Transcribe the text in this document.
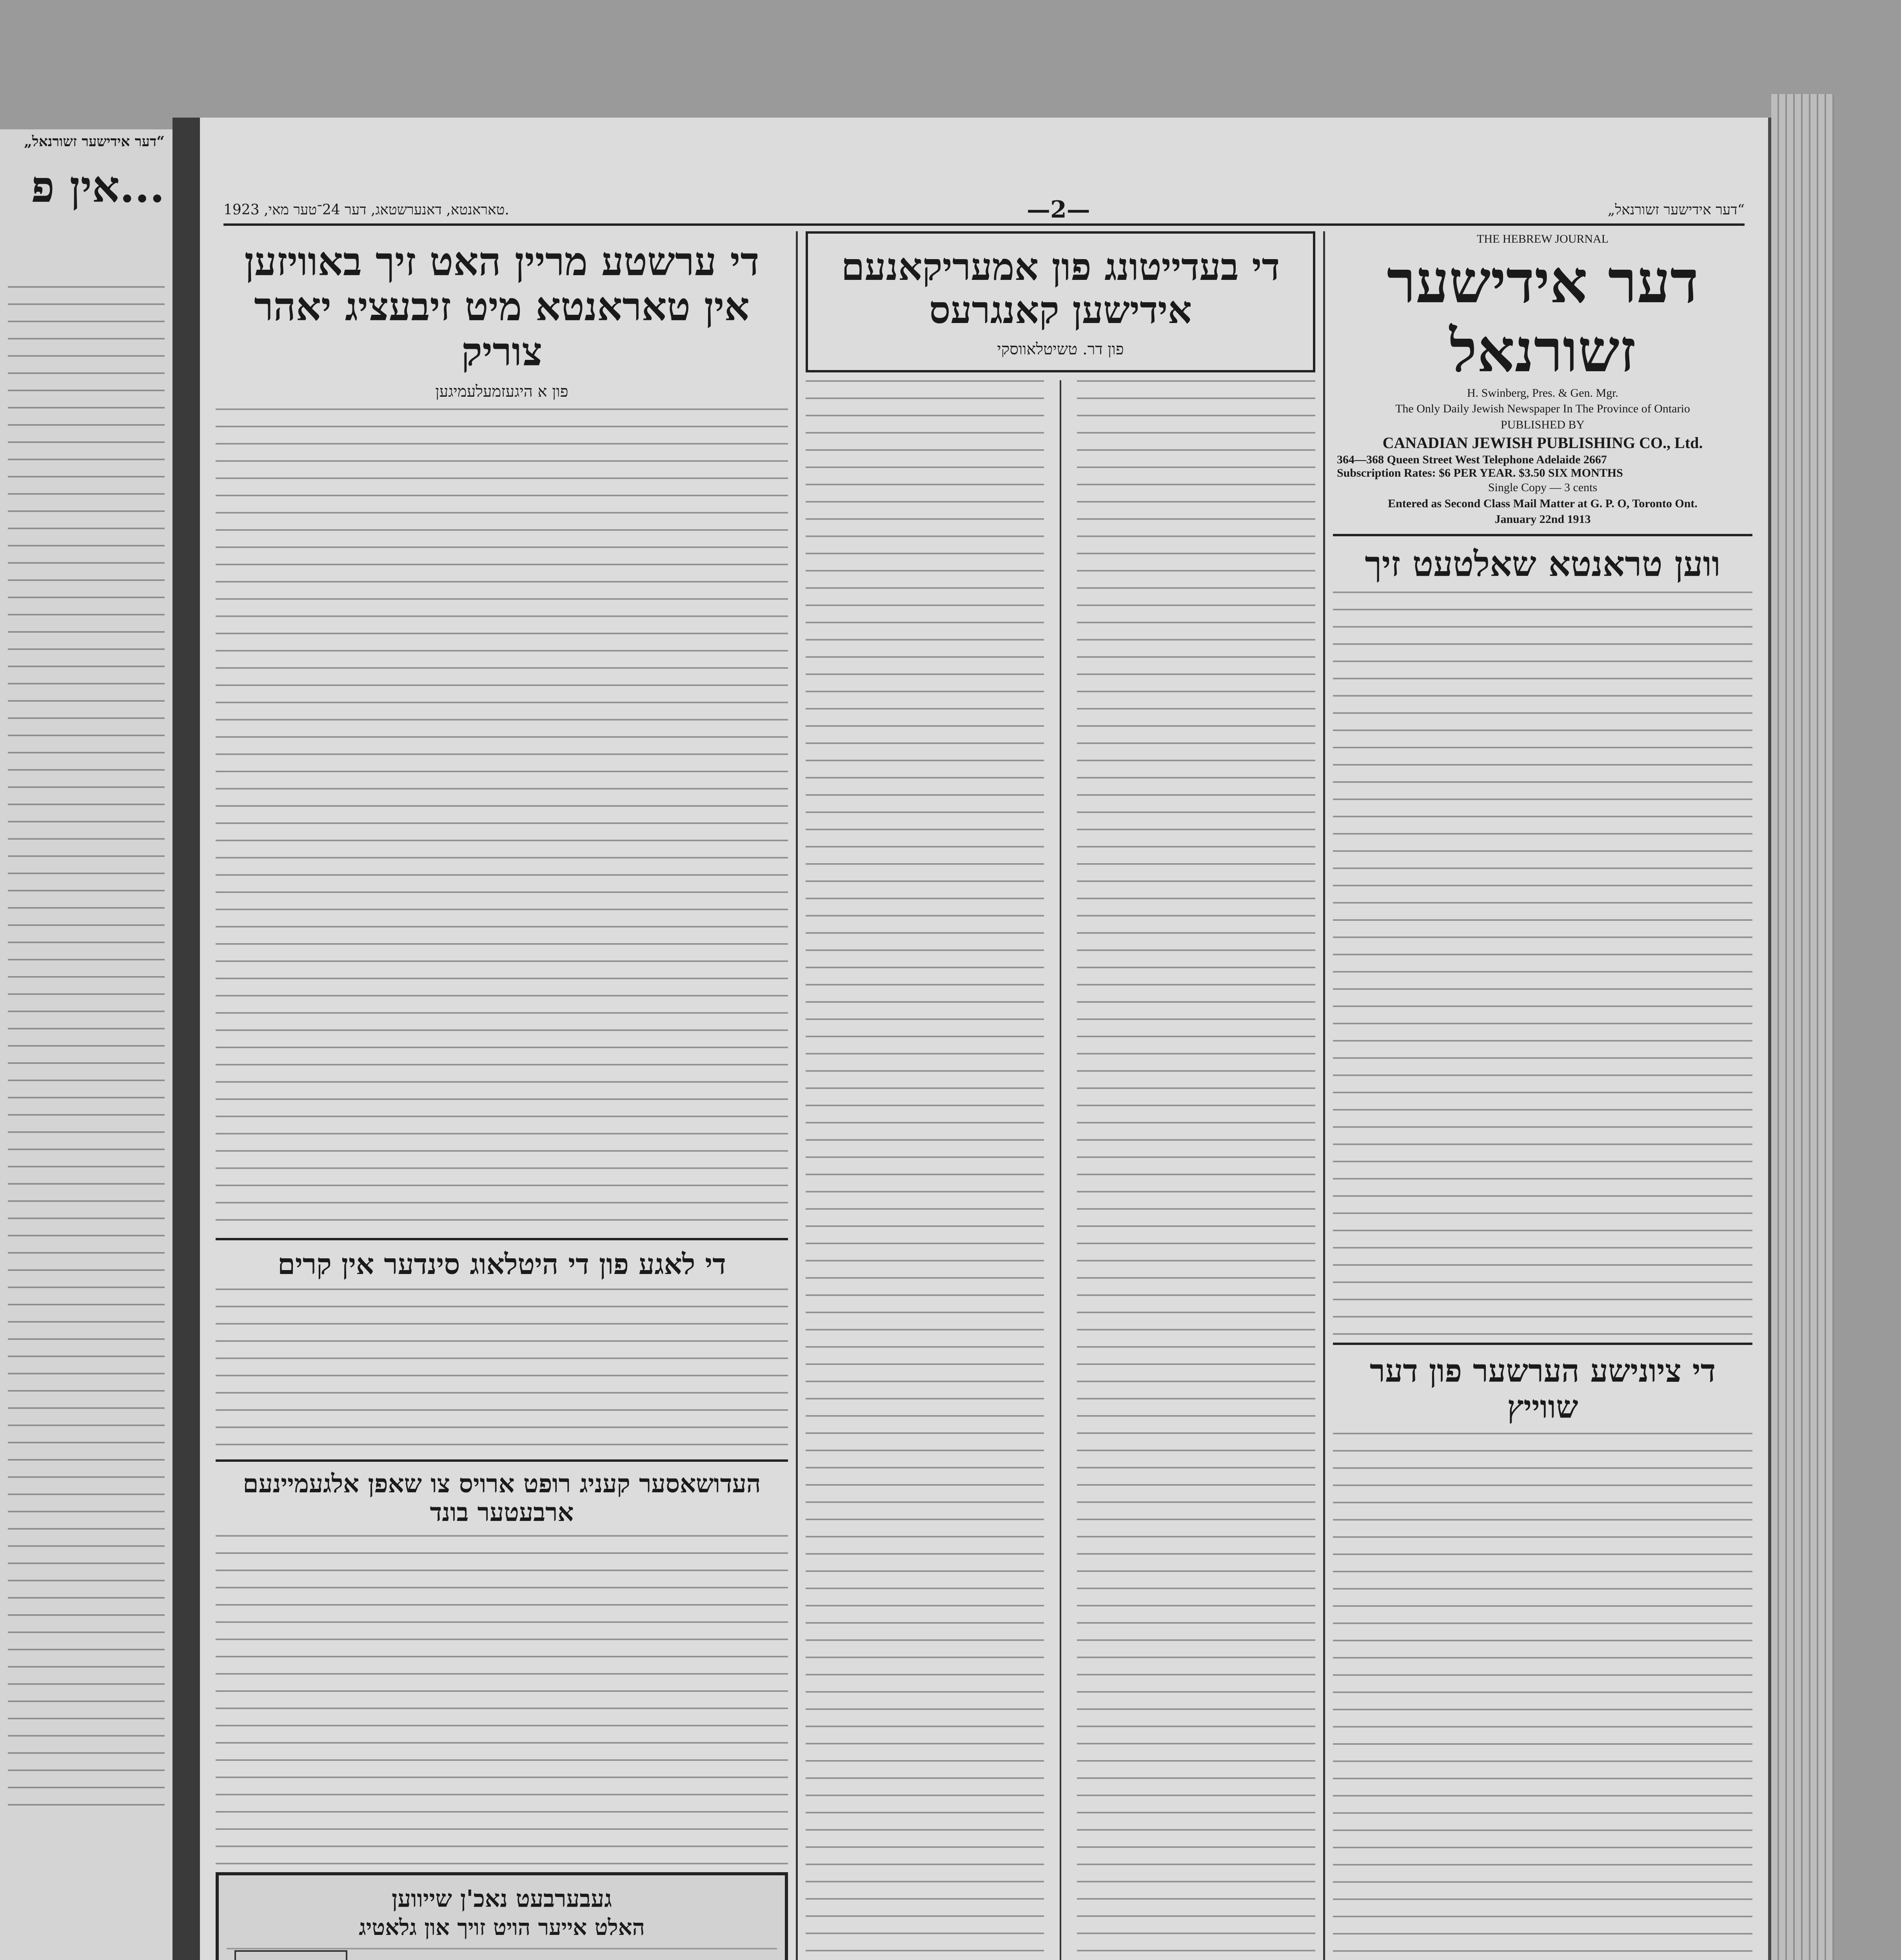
„דער אידישער זשורנאל“
אין פ...	טאראנטא, דאנערשטאג, דער 24־טער מאי, 1923.	—2—	„דער אידישער זשורנאל“
די ערשטע מריין האט זיך באוויזען אין טאראנטא מיט זיבעציג יאהר צוריק
פון א היגעזמעלעמיגען
די לאגע פון די היטלאוג סינדער אין קרים
העדושאסער קעניג רופט ארויס צו שאפן אלגעמיינעם ארבעטער בונד
געבערבעט נאכ'ן שייווען
האלט אייער הויט זויך און גלאטיג
די בעדייטונג פון אמעריקאנעם אידישען קאנגרעס
פון דר. טשיטלאווסקי
THE HEBREW JOURNAL
דער אידישער זשורנאל
H. Swinberg, Pres. & Gen. Mgr.
The Only Daily Jewish Newspaper In The Province of Ontario
PUBLISHED BY
CANADIAN JEWISH PUBLISHING CO., Ltd.
364—368 Queen Street West Telephone Adelaide 2667
Subscription Rates: $6 PER YEAR. $3.50 SIX MONTHS
Single Copy — 3 cents
Entered as Second Class Mail Matter at G. P. O, Toronto Ont.
January 22nd 1913
ווען טראנטא שאלטעט זיך
די ציונישע הערשער פון דער שווייץ
